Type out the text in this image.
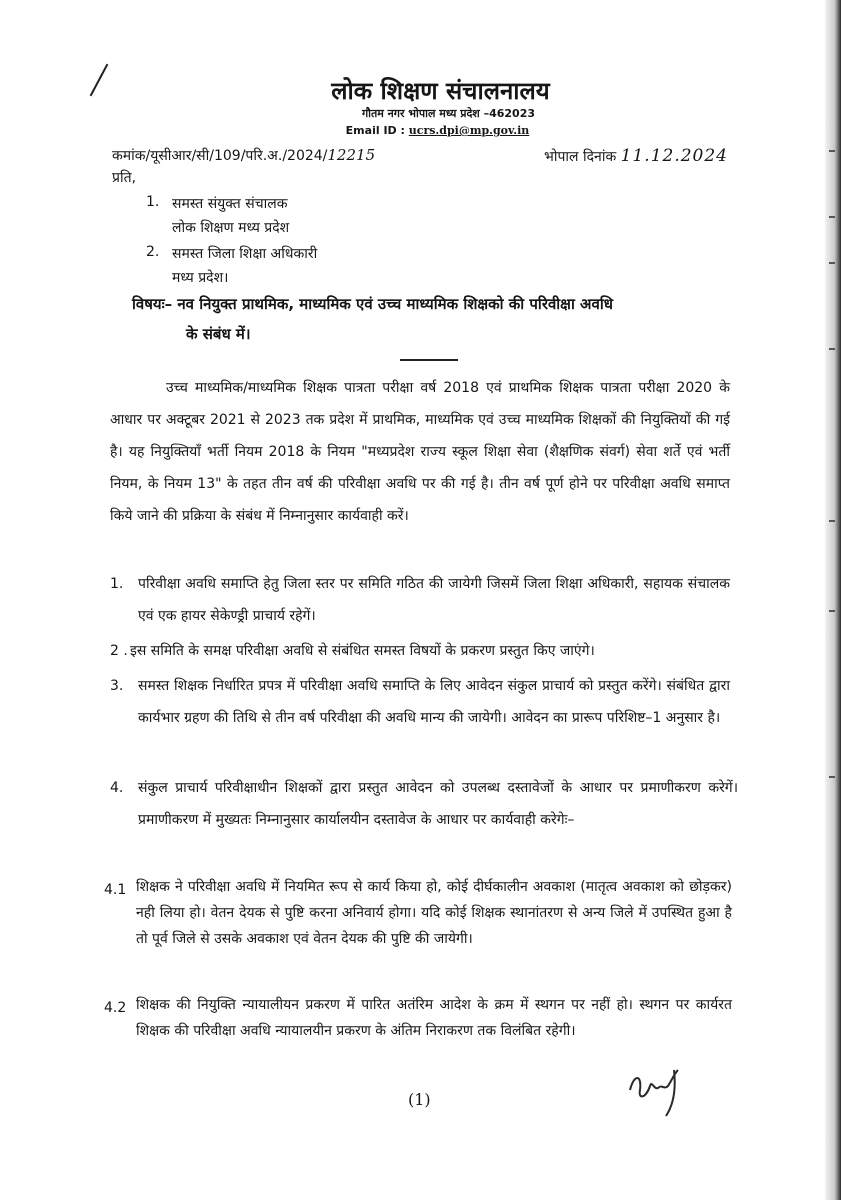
लोक शिक्षण संचालनालय
गौतम नगर भोपाल मध्य प्रदेश –462023
Email ID : ucrs.dpi@mp.gov.in
कमांक/यूसीआर/सी/109/परि.अ./2024/12215	भोपाल दिनांक 11.12.2024
प्रति,
1. समस्त संयुक्त संचालक
लोक शिक्षण मध्य प्रदेश
2. समस्त जिला शिक्षा अधिकारी
मध्य प्रदेश।
विषयः– नव नियुक्त प्राथमिक, माध्यमिक एवं उच्च माध्यमिक शिक्षको की परिवीक्षा अवधि
के संबंध में।
उच्च माध्यमिक/माध्यमिक शिक्षक पात्रता परीक्षा वर्ष 2018 एवं प्राथमिक शिक्षक पात्रता परीक्षा 2020 के आधार पर अक्टूबर 2021 से 2023 तक प्रदेश में प्राथमिक, माध्यमिक एवं उच्च माध्यमिक शिक्षकों की नियुक्तियों की गई है। यह नियुक्तियॉं भर्ती नियम 2018 के नियम "मध्यप्रदेश राज्य स्कूल शिक्षा सेवा (शैक्षणिक संवर्ग) सेवा शर्ते एवं भर्ती नियम, के नियम 13" के तहत तीन वर्ष की परिवीक्षा अवधि पर की गई है। तीन वर्ष पूर्ण होने पर परिवीक्षा अवधि समाप्त किये जाने की प्रक्रिया के संबंध में निम्नानुसार कार्यवाही करें।
1. परिवीक्षा अवधि समाप्ति हेतु जिला स्तर पर समिति गठित की जायेगी जिसमें जिला शिक्षा अधिकारी, सहायक संचालक एवं एक हायर सेकेण्ड्री प्राचार्य रहेगें।
2 . इस समिति के समक्ष परिवीक्षा अवधि से संबंधित समस्त विषयों के प्रकरण प्रस्तुत किए जाएंगे।
3. समस्त शिक्षक निर्धारित प्रपत्र में परिवीक्षा अवधि समाप्ति के लिए आवेदन संकुल प्राचार्य को प्रस्तुत करेंगे। संबंधित द्वारा कार्यभार ग्रहण की तिथि से तीन वर्ष परिवीक्षा की अवधि मान्य की जायेगी। आवेदन का प्रारूप परिशिष्ट–1 अनुसार है।
4. संकुल प्राचार्य परिवीक्षाधीन शिक्षकों द्वारा प्रस्तुत आवेदन को उपलब्ध दस्तावेजों के आधार पर प्रमाणीकरण करेगें। प्रमाणीकरण में मुख्यतः निम्नानुसार कार्यालयीन दस्तावेज के आधार पर कार्यवाही करेगेः–
4.1 शिक्षक ने परिवीक्षा अवधि में नियमित रूप से कार्य किया हो, कोई दीर्घकालीन अवकाश (मातृत्व अवकाश को छोड़कर) नही लिया हो। वेतन देयक से पुष्टि करना अनिवार्य होगा। यदि कोई शिक्षक स्थानांतरण से अन्य जिले में उपस्थित हुआ है तो पूर्व जिले से उसके अवकाश एवं वेतन देयक की पुष्टि की जायेगी।
4.2 शिक्षक की नियुक्ति न्यायालीयन प्रकरण में पारित अतंरिम आदेश के क्रम में स्थगन पर नहीं हो। स्थगन पर कार्यरत शिक्षक की परिवीक्षा अवधि न्यायालयीन प्रकरण के अंतिम निराकरण तक विलंबित रहेगी।
(1)
